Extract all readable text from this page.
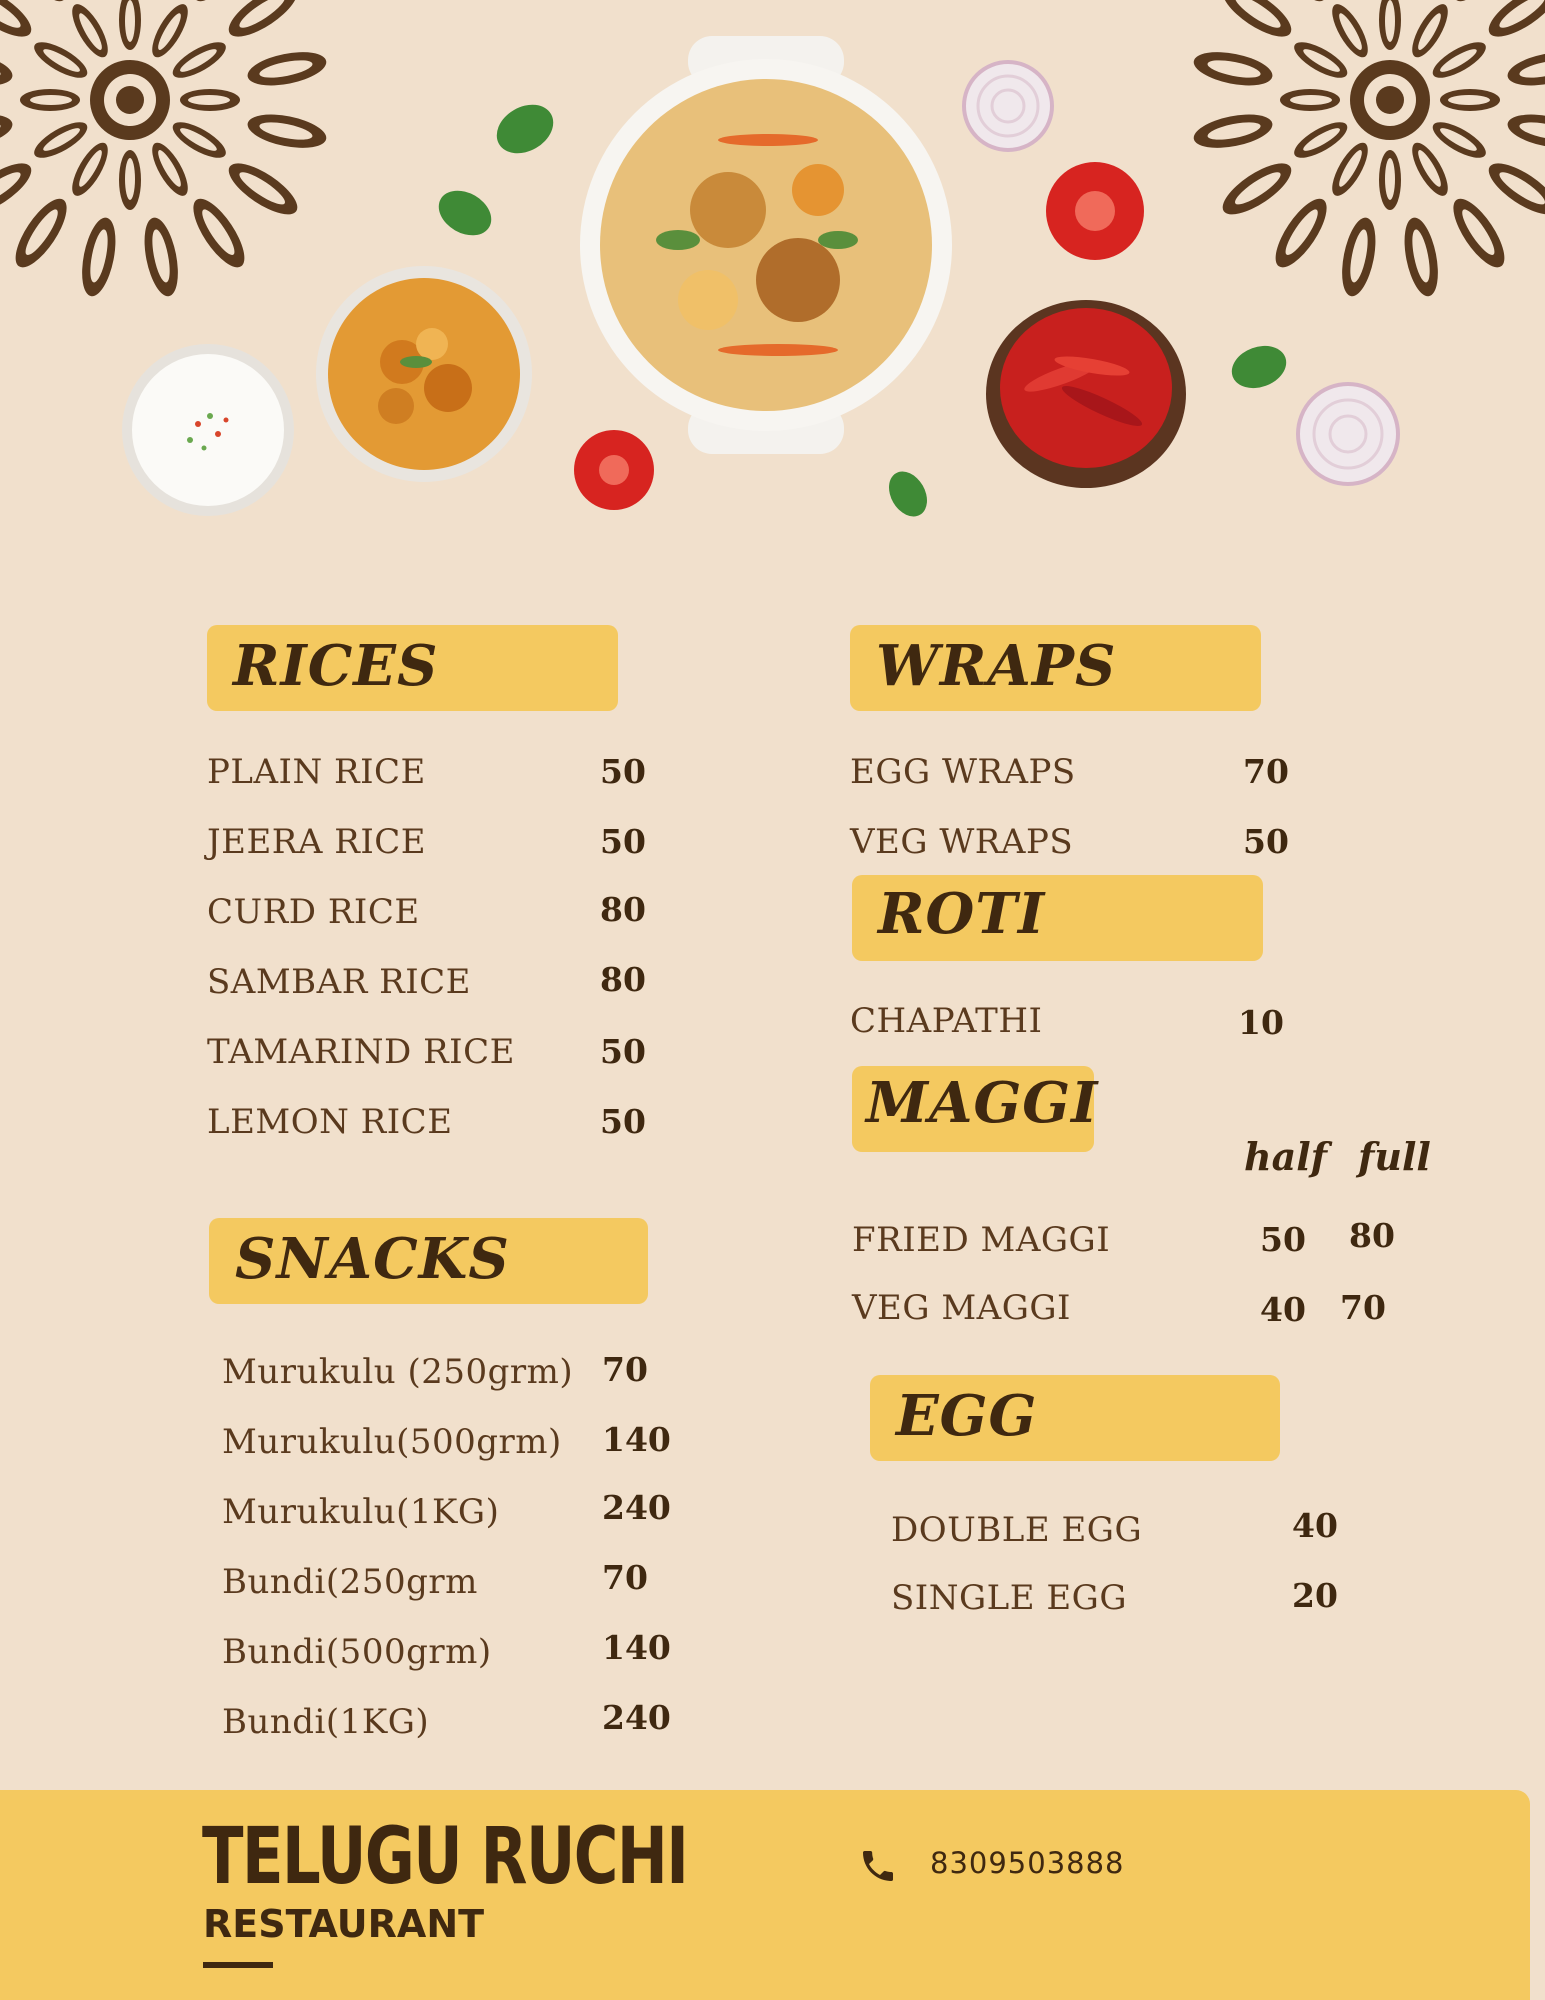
RICES
PLAIN RICE	50
JEERA RICE	50
CURD RICE	80
SAMBAR RICE	80
TAMARIND RICE	50
LEMON RICE	50
SNACKS
Murukulu (250grm) 70
Murukulu(500grm) 140
Murukulu(1KG)	240
Bundi(250grm	70
Bundi(500grm)	140
Bundi(1KG)	240
WRAPS
EGG WRAPS	70
VEG WRAPS	50
ROTI
CHAPATHI	10
MAGGI
half full
FRIED MAGGI	50 80
VEG MAGGI	40 70
EGG
DOUBLE EGG	40
SINGLE EGG	20
TELUGU RUCHI
RESTAURANT
8309503888
